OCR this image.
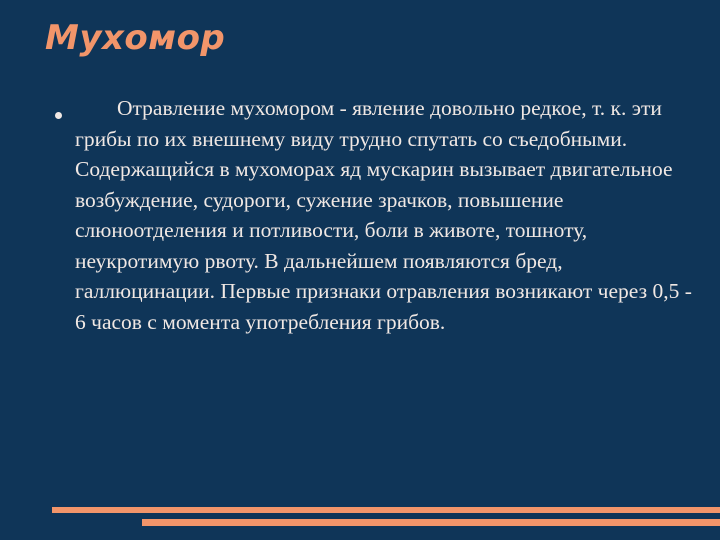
Мухомор

Отравление мухомором - явление довольно редкое, т. к. эти грибы по их внешнему виду трудно спутать со съедобными. Содержащийся в мухоморах яд мускарин вызывает двигательное возбуждение, судороги, сужение зрачков, повышение слюноотделения и потливости, боли в животе, тошноту, неукротимую рвоту. В дальнейшем появляются бред, галлюцинации. Первые признаки отравления возникают через 0,5 - 6 часов с момента употребления грибов.
